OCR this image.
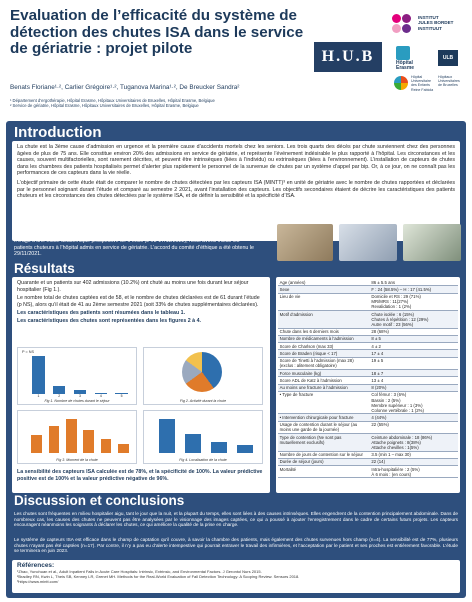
Evaluation de l’efficacité du système de détection des chutes ISA dans le service de gériatrie : projet pilote
Benats Floriane¹·², Carlier Grégoire¹·², Tuganova Marina¹·², De Breucker Sandra²
¹ Département d’ergothérapie, Hôpital Erasme, Hôpitaux Universitaires de Bruxelles, Hôpital Erasme, Belgique
² Service de gériatrie, Hôpital Erasme, Hôpitaux Universitaires de Bruxelles, Hôpital Erasme, Belgique
H.U.B
INSTITUT
JULES BORDET
INSTITUUT
Hôpital
Erasme
ULB
Hôpital
Universitaire
des Enfants
Reine Fabiola
Hôpitaux
Universitaires
de Bruxelles
Introduction
La chute est la 3ème cause d’admission en urgence et la première cause d’accidents mortels chez les seniors. Les trois quarts des décès par chute surviennent chez des personnes âgées de plus de 75 ans. Elle constitue environ 20% des admissions en service de gériatrie, et représente l’événement indésirable le plus rapporté à l’hôpital. Les circonstances et les causes, souvent multifactorielles, sont rarement décrites, et peuvent être intrinsèques (liées à l’individu) ou extrinsèques (liées à l’environnement). L’installation de capteurs de chutes dans les chambres des patients hospitalisés permet d’alerter plus rapidement le personnel de la survenue de chutes par un système d’appel par bip. Or, à ce jour, on ne connaît pas les performances de ces capteurs dans la vie réelle.
L’objectif primaire de cette étude était de comparer le nombre de chutes détectées par les capteurs ISA (MINTT)³ en unité de gériatrie avec le nombre de chutes rapportées et déclarées par le personnel soignant durant l’étude et comparé au semestre 2 2021, avant l’installation des capteurs. Les objectifs secondaires étaient de décrire les caractéristiques des patients chuteurs et les circonstances des chutes détectées par le système ISA, et de définir la sensibilité et la spécificité d’ISA.
Matériel et méthode
Il s’agit d’une étude académique prospective de 6 mois (24/3-17/11/2022), nous avons inclus les patients chuteurs à l’hôpital admis en service de gériatrie. L’accord du comité d’éthique a été obtenu le 29/11/2021.
Résultats
Quarante et un patients sur 402 admissions (10.2%) ont chuté au moins une fois durant leur séjour hospitalier (Fig 1.).
Le nombre total de chutes captées est de 58, et le nombre de chutes déclarées est de 61 durant l’étude (p NS), alors qu’il était de 41 au 2ème semestre 2021 (soit 33% de chutes supplémentaires déclarées).
Les caractéristiques des patients sont résumées dans le tableau 1.
Les caractéristiques des chutes sont représentées dans les figures 2 à 4.
P = NS
1	2	3	4	5
Fig 1. Nombre de chutes durant le séjour	Fig 2. Activité durant la chute
Fig 3. Moment de la chute	Fig 4. Localisation de la chute
La sensibilité des capteurs ISA calculée est de 78%, et la spécificité de 100%. La valeur prédictive positive est de 100% et la valeur prédictive négative de 96%.
Age (années)	86 ± 5.5 ans
Sexe	F : 24 (58.5%) – H : 17 (41.5%)
Lieu de vie	Domicile et RS : 29 (71%)
MR/MRS : 11(27%)
Revalidation : 1 (2%)
Motif d’admission	Chute isolée : 6 (15%)
Chutes à répétition : 12 (29%)
Autre motif : 23 (56%)
Chute dans les 6 derniers mois	28 (68%)
Nombre de médicaments à l’admission	8 ± 5
Score de Charlson (max 33)	4 ± 2
Score de Braden (risque < 17)	17 ± 4
Score de Tinetti à l’admission (max 28) (exclus : alitement obligatoire)	19 ± 5
Force musculaire (kg)	18 ± 7
Score ADL de Katz à l’admission	13 ± 4
Au moins une fracture à l’admission	8 (20%)
• Type de fracture	Col fémur : 3 (6%)
Bassin : 2 (5%)
Membre supérieur : 1 (3%)
Colonne vertébrale : 1 (2%)
• Intervention chirurgicale pour fracture	4 (44%)
Usage de contention durant le séjour (au moins une garde de la journée)	22 (55%)
Type de contention (Ne sont pas mutuellement exclusifs)	Ceinture abdominale : 18 (86%)
Attache poignets : 8(38%)
Attache chevilles : 1(5%)
Nombre de jours de contention sur le séjour	3.5 (min 1 – max 30)
Durée de séjour (jours)	22 (14)
Mortalité	Intra-hospitalière : 2 (5%)
À 6 mois : (en cours)
Discussion et conclusions
Les chutes sont fréquentes en milieu hospitalier aigu, tant le jour que la nuit, et la plupart du temps, elles sont liées à des causes intrinsèques. Elles engendrent de la contention principalement abdominale. Dans de nombreux cas, les causes des chutes ne peuvent pas être analysées par le visionnage des images captées, ce qui a poussé à ajouter l’enregistrement dans le cadre de certains futurs projets. Les capteurs encouragent néanmoins les soignants à déclarer les chutes, ce qui améliore la qualité de la prise en charge.
Le système de capteurs ISA est efficace dans le champ de captation qu’il couvre, à savoir la chambre des patients, mais également des chutes survenues hors champ (n=4). La sensibilité est de 77%, plusieurs chutes n’ayant pas été captées (n=17). Par contre, il n’y a pas eu d’alerte intempestive qui pourrait entraver le travail des infirmières, et l’acceptation par le patient et ses proches est entièrement favorable. L’étude se terminera en juin 2023.
Références:
¹Zhao, Yunchuan et al., Adult Inpatient Falls in Acute Care Hospitals: Intrinsic, Extrinsic, and Environmental Factors. J Gerontol Nurs 2015.
²Bradley RN, Kwin L, Theis SB, Kenney LR, Grenet MH. Methods for the Real-World Evaluation of Fall Detection Technology: A Scoping Review. Sensors 2018.
³https://www.mintt.com/
